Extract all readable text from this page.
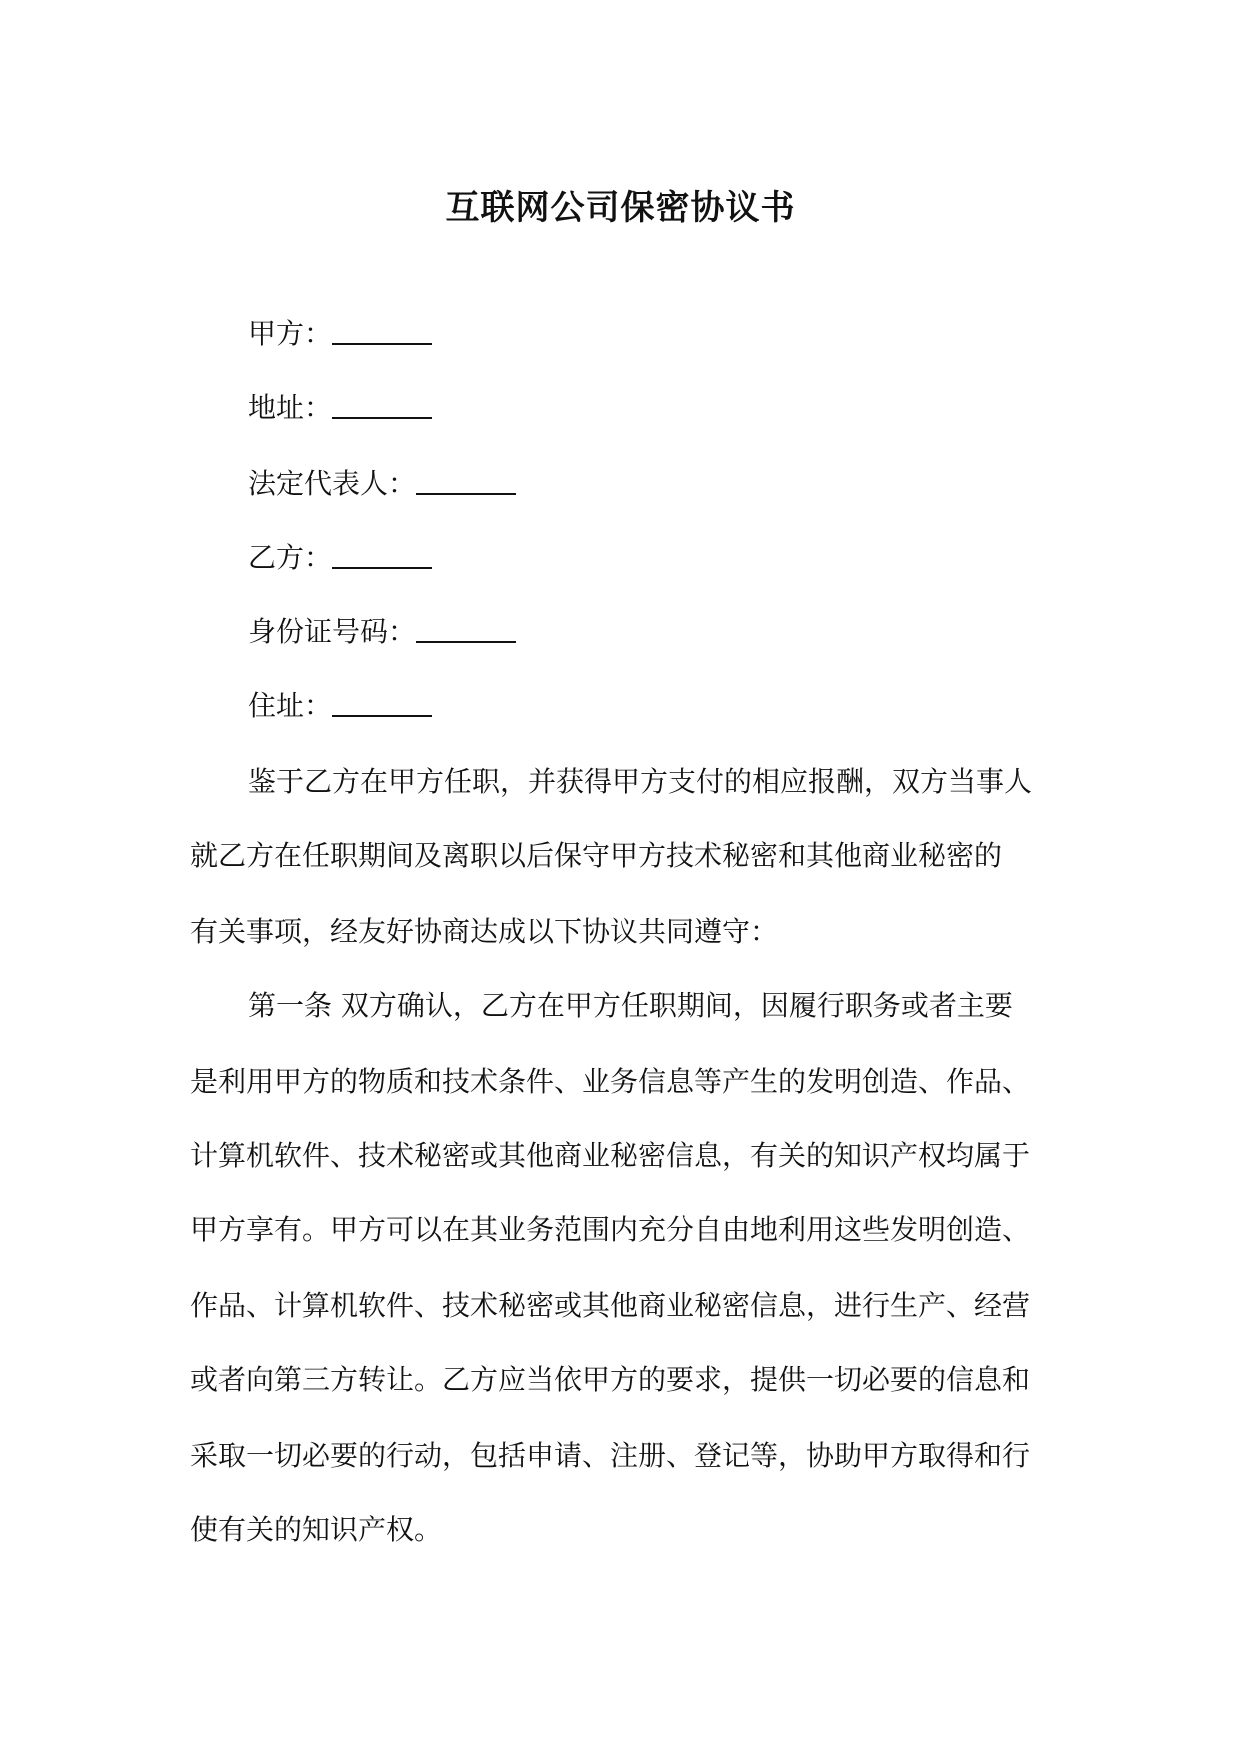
互联网公司保密协议书
甲方：
地址：
法定代表人：
乙方：
身份证号码：
住址：
鉴于乙方在甲方任职，并获得甲方支付的相应报酬，双方当事人
就乙方在任职期间及离职以后保守甲方技术秘密和其他商业秘密的
有关事项，经友好协商达成以下协议共同遵守：
第一条 双方确认，乙方在甲方任职期间，因履行职务或者主要
是利用甲方的物质和技术条件、业务信息等产生的发明创造、作品、
计算机软件、技术秘密或其他商业秘密信息，有关的知识产权均属于
甲方享有。甲方可以在其业务范围内充分自由地利用这些发明创造、
作品、计算机软件、技术秘密或其他商业秘密信息，进行生产、经营
或者向第三方转让。乙方应当依甲方的要求，提供一切必要的信息和
采取一切必要的行动，包括申请、注册、登记等，协助甲方取得和行
使有关的知识产权。
